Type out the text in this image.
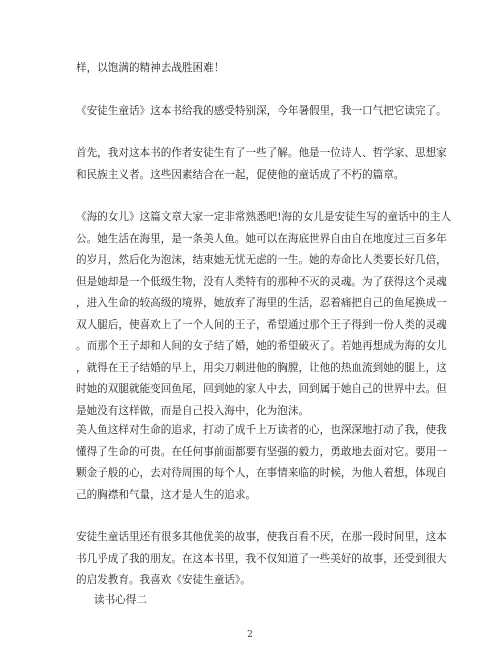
样，以饱满的精神去战胜困难！
《安徒生童话》这本书给我的感受特别深，今年暑假里，我一口气把它读完了。
首先，我对这本书的作者安徒生有了一些了解。他是一位诗人、哲学家、思想家
和民族主义者。这些因素结合在一起，促使他的童话成了不朽的篇章。
《海的女儿》这篇文章大家一定非常熟悉吧!海的女儿是安徒生写的童话中的主人
公。她生活在海里，是一条美人鱼。她可以在海底世界自由自在地度过三百多年
的岁月，然后化为泡沫，结束她无忧无虑的一生。她的寿命比人类要长好几倍，
但是她却是一个低级生物，没有人类特有的那种不灭的灵魂。为了获得这个灵魂
，进入生命的较高级的境界，她放弃了海里的生活，忍着痛把自己的鱼尾换成一
双人腿后，使喜欢上了一个人间的王子，希望通过那个王子得到一份人类的灵魂
。而那个王子却和人间的女子结了婚，她的希望破灭了。若她再想成为海的女儿
，就得在王子结婚的早上，用尖刀刺进他的胸膛，让他的热血流到她的腿上，这
时她的双腿就能变回鱼尾，回到她的家人中去，回到属于她自己的世界中去。但
是她没有这样做，而是自己投入海中，化为泡沫。
美人鱼这样对生命的追求，打动了成千上万读者的心，也深深地打动了我，使我
懂得了生命的可贵。在任何事前面都要有坚强的毅力，勇敢地去面对它。要用一
颗金子般的心，去对待周围的每个人，在事情来临的时候，为他人着想，体现自
己的胸襟和气量，这才是人生的追求。
安徒生童话里还有很多其他优美的故事，使我百看不厌，在那一段时间里，这本
书几乎成了我的朋友。在这本书里，我不仅知道了一些美好的故事，还受到很大
的启发教育。我喜欢《安徒生童话》。
读书心得二
2
